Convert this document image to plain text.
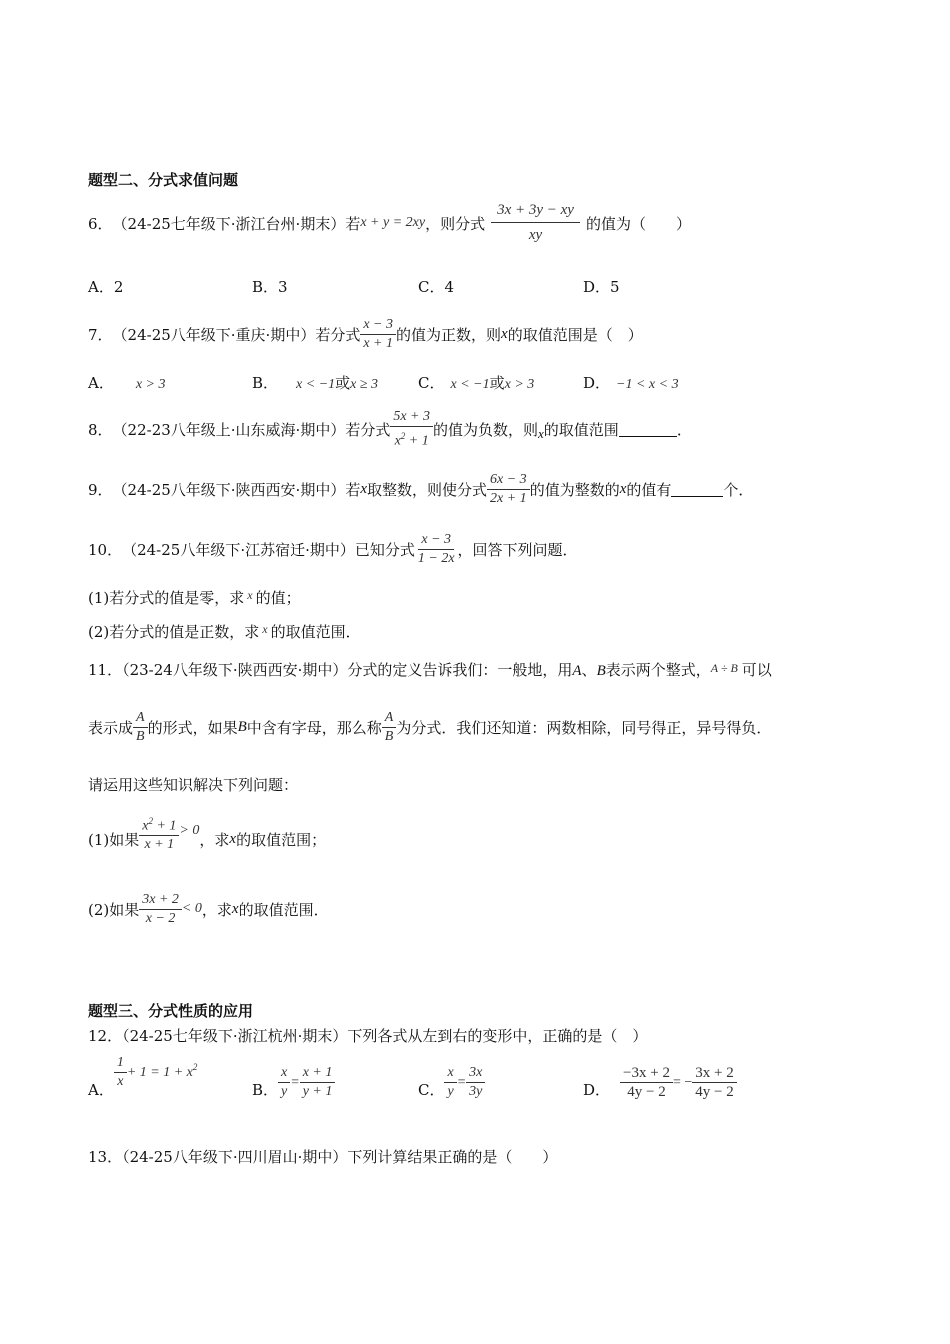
题型二、分式求值问题
6． （24-25七年级下·浙江台州·期末）若 x + y = 2xy ，则分式 $\frac{3x + 3y - xy}{xy}$ 的值为（　　）
A．2	B．3	C．4	D．5
7． （24-25八年级下·重庆·期中）若分式 $\frac{x - 3}{x + 1}$ 的值为正数，则 x 的取值范围是（　）
A． x > 3	B． x < −1或x ≥ 3	C． x < −1或x > 3	D． −1 < x < 3
8． （22-23八年级上·山东威海·期中）若分式 $\frac{5x + 3}{x^2 + 1}$ 的值为负数，则 x 的取值范围	．
9． （24-25八年级下·陕西西安·期中）若 x 取整数，则使分式 $\frac{6x - 3}{2x + 1}$ 的值为整数的 x 的值有	个．
10． （24-25八年级下·江苏宿迁·期中）已知分式 $\frac{x - 3}{1 - 2x}$ ，回答下列问题．
(1)若分式的值是零，求 $^x$ 的值；
(2)若分式的值是正数，求 $^x$ 的取值范围．
11．（23-24八年级下·陕西西安·期中）分式的定义告诉我们：一般地，用A、B表示两个整式，$^{A \div B}$ 可以
表示成 $\frac{A}{B}$ 的形式，如果 B 中含有字母，那么称 $\frac{A}{B}$ 为分式．我们还知道：两数相除，同号得正，异号得负．
请运用这些知识解决下列问题：
(1)如果 $\frac{x^2 + 1}{x + 1} > 0$ ，求 x 的取值范围；
(2)如果 $\frac{3x + 2}{x - 2} < 0$ ，求 x 的取值范围．
题型三、分式性质的应用
12．（24-25七年级下·浙江杭州·期末）下列各式从左到右的变形中，正确的是（　）
A． $\frac{1}{x} + 1 = 1 + x^2$
B． $\frac{x}{y} = \frac{x + 1}{y + 1}$	C． $\frac{x}{y} = \frac{3x}{3y}$	D． $\frac{-3x + 2}{4y - 2}$ = − $\frac{3x + 2}{4y - 2}$
13．（24-25八年级下·四川眉山·期中）下列计算结果正确的是（　　）
